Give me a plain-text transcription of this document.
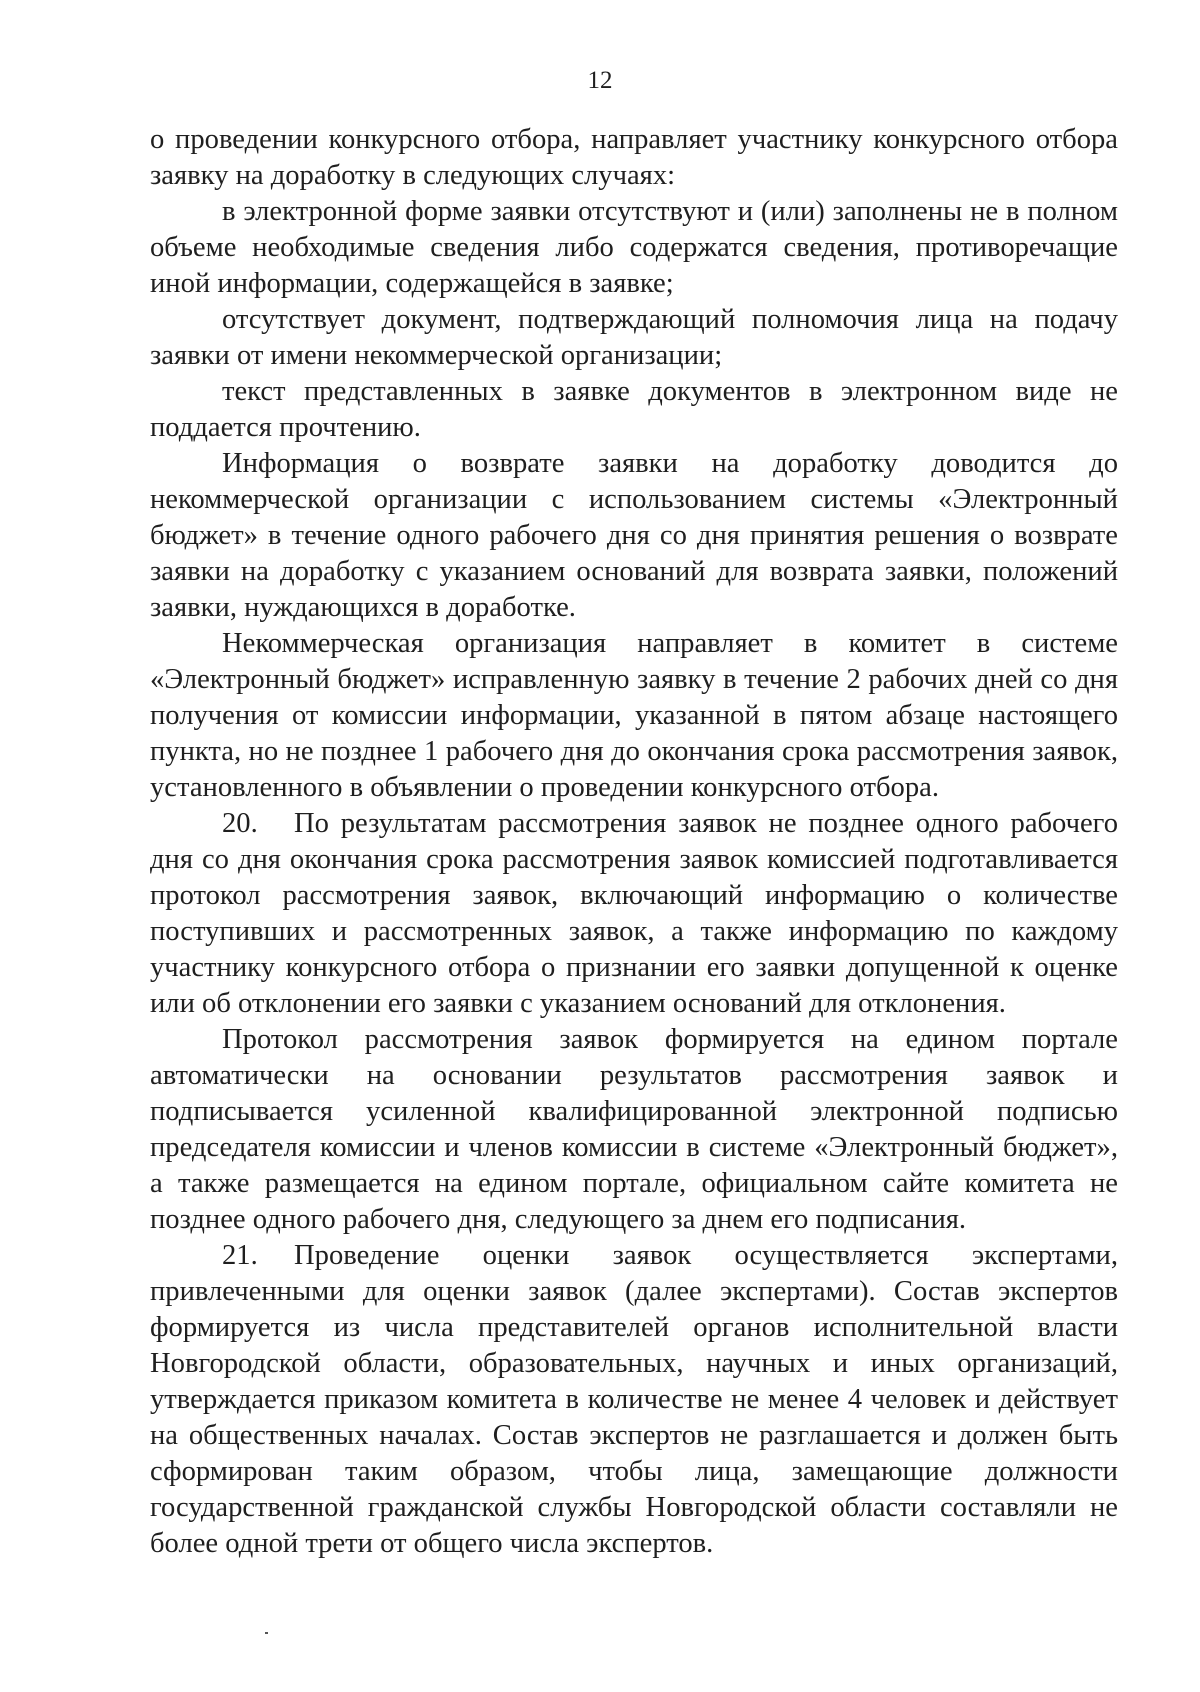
12

о проведении конкурсного отбора, направляет участнику конкурсного отбора заявку на доработку в следующих случаях:

в электронной форме заявки отсутствуют и (или) заполнены не в полном объеме необходимые сведения либо содержатся сведения, противоречащие иной информации, содержащейся в заявке;

отсутствует документ, подтверждающий полномочия лица на подачу заявки от имени некоммерческой организации;

текст представленных в заявке документов в электронном виде не поддается прочтению.

Информация о возврате заявки на доработку доводится до некоммерческой организации с использованием системы «Электронный бюджет» в течение одного рабочего дня со дня принятия решения о возврате заявки на доработку с указанием оснований для возврата заявки, положений заявки, нуждающихся в доработке.

Некоммерческая организация направляет в комитет в системе «Электронный бюджет» исправленную заявку в течение 2 рабочих дней со дня получения от комиссии информации, указанной в пятом абзаце настоящего пункта, но не позднее 1 рабочего дня до окончания срока рассмотрения заявок, установленного в объявлении о проведении конкурсного отбора.

20. По результатам рассмотрения заявок не позднее одного рабочего дня со дня окончания срока рассмотрения заявок комиссией подготавливается протокол рассмотрения заявок, включающий информацию о количестве поступивших и рассмотренных заявок, а также информацию по каждому участнику конкурсного отбора о признании его заявки допущенной к оценке или об отклонении его заявки с указанием оснований для отклонения.

Протокол рассмотрения заявок формируется на едином портале автоматически на основании результатов рассмотрения заявок и подписывается усиленной квалифицированной электронной подписью председателя комиссии и членов комиссии в системе «Электронный бюджет», а также размещается на едином портале, официальном сайте комитета не позднее одного рабочего дня, следующего за днем его подписания.

21. Проведение оценки заявок осуществляется экспертами, привлеченными для оценки заявок (далее экспертами). Состав экспертов формируется из числа представителей органов исполнительной власти Новгородской области, образовательных, научных и иных организаций, утверждается приказом комитета в количестве не менее 4 человек и действует на общественных началах. Состав экспертов не разглашается и должен быть сформирован таким образом, чтобы лица, замещающие должности государственной гражданской службы Новгородской области составляли не более одной трети от общего числа экспертов.
